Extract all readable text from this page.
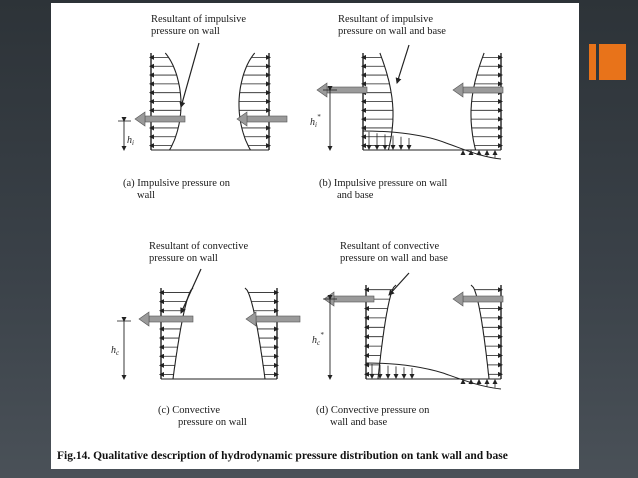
Resultant of impulsive
pressure on wall
Resultant of impulsive
pressure on wall and base
(a) Impulsive pressure on
wall
(b) Impulsive pressure on wall
and base
Resultant of convective
pressure on wall
Resultant of convective
pressure on wall and base
(c) Convective
pressure on wall
(d) Convective pressure on
wall and base
Fig.14. Qualitative description of hydrodynamic pressure distribution on tank wall and base
$h_i$
$h_i^*$
$h_c$
$h_c^*$
